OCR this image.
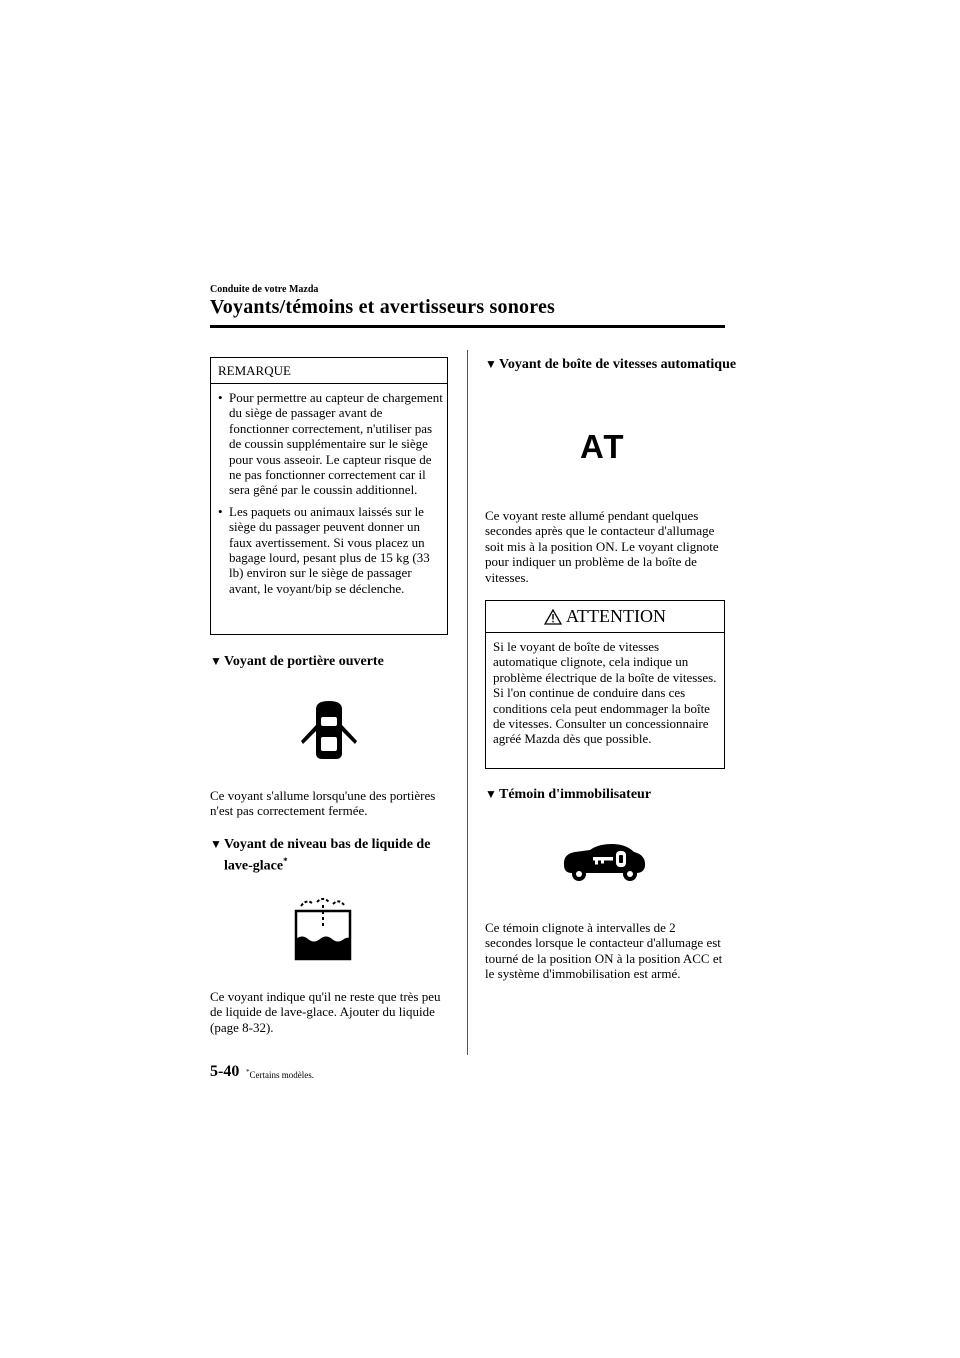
Conduite de votre Mazda
Voyants/témoins et avertisseurs sonores
REMARQUE
• Pour permettre au capteur de chargement du siège de passager avant de fonctionner correctement, n'utiliser pas de coussin supplémentaire sur le siège pour vous asseoir. Le capteur risque de ne pas fonctionner correctement car il sera gêné par le coussin additionnel.
• Les paquets ou animaux laissés sur le siège du passager peuvent donner un faux avertissement. Si vous placez un bagage lourd, pesant plus de 15 kg (33 lb) environ sur le siège de passager avant, le voyant/bip se déclenche.
▼ Voyant de portière ouverte
Ce voyant s'allume lorsqu'une des portières n'est pas correctement fermée.
▼ Voyant de niveau bas de liquide de lave-glace*
Ce voyant indique qu'il ne reste que très peu de liquide de lave-glace. Ajouter du liquide (page 8-32).
▼ Voyant de boîte de vitesses automatique
AT
Ce voyant reste allumé pendant quelques secondes après que le contacteur d'allumage soit mis à la position ON. Le voyant clignote pour indiquer un problème de la boîte de vitesses.
ATTENTION
Si le voyant de boîte de vitesses automatique clignote, cela indique un problème électrique de la boîte de vitesses. Si l'on continue de conduire dans ces conditions cela peut endommager la boîte de vitesses. Consulter un concessionnaire agréé Mazda dès que possible.
▼ Témoin d'immobilisateur
Ce témoin clignote à intervalles de 2 secondes lorsque le contacteur d'allumage est tourné de la position ON à la position ACC et le système d'immobilisation est armé.
5-40 *Certains modèles.
